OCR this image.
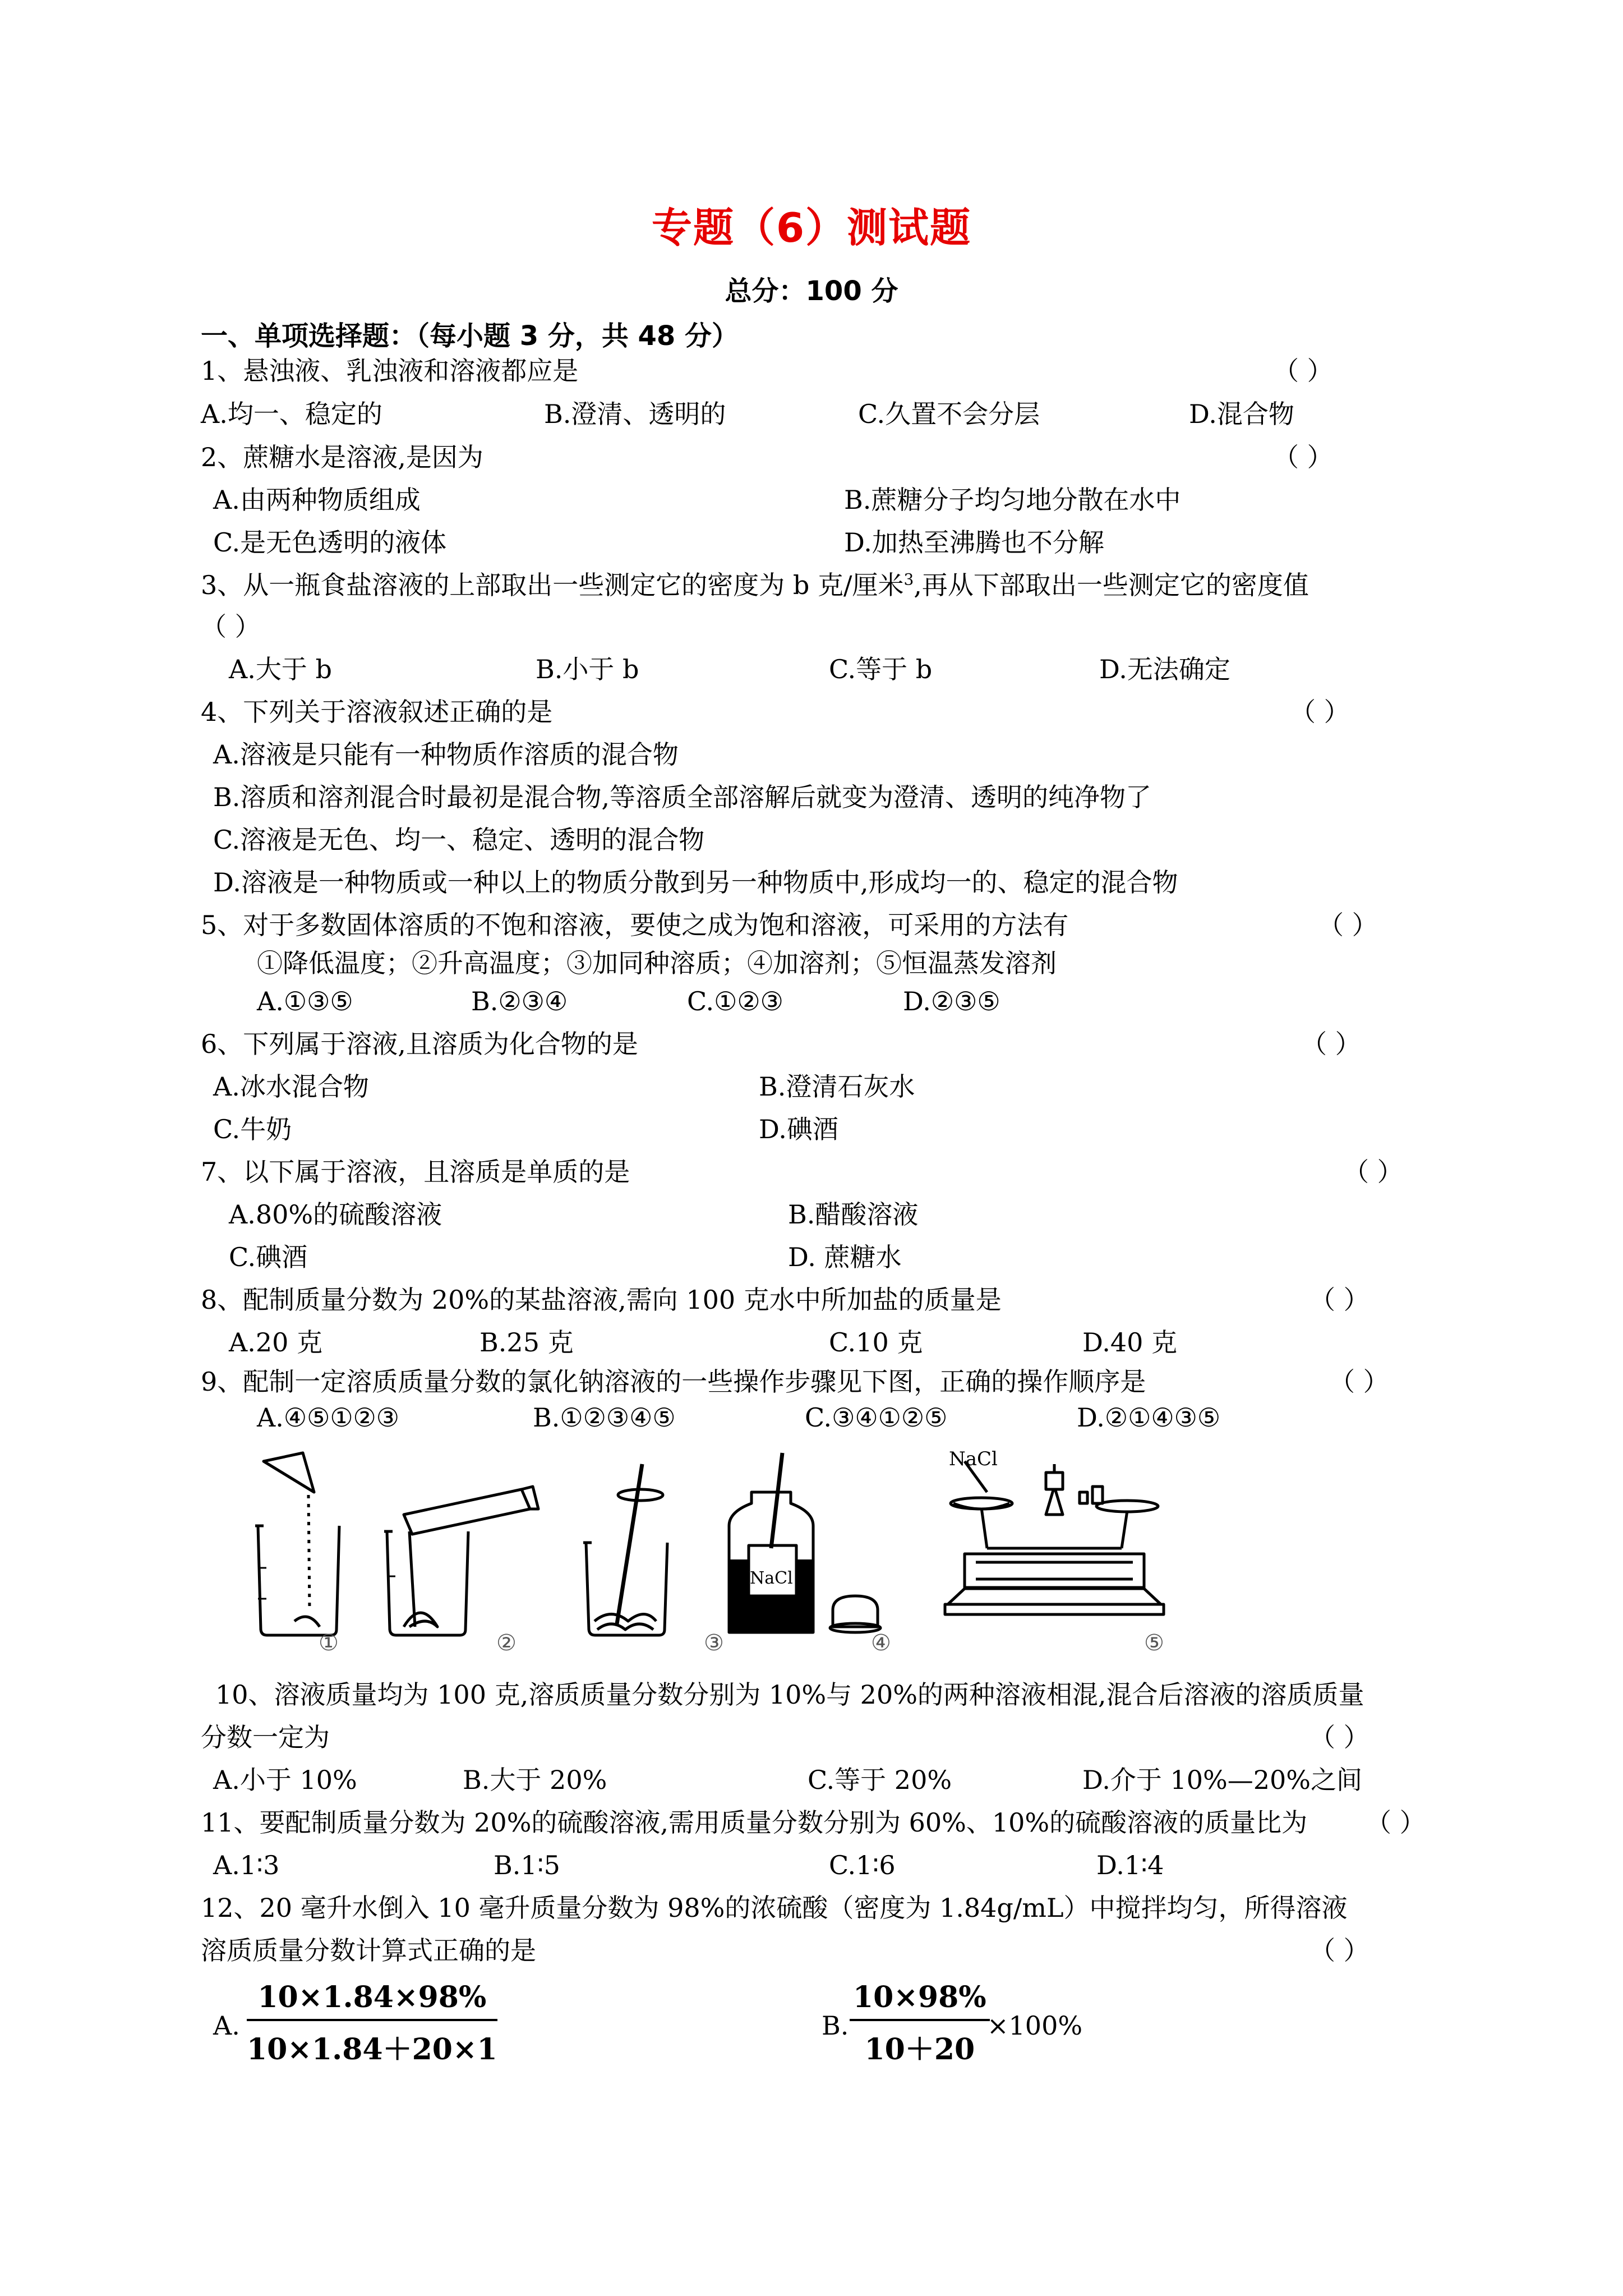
专题（6）测试题
总分：100 分
一、单项选择题：（每小题 3 分，共 48 分）
1、悬浊液、乳浊液和溶液都应是	（ ）
A.均一、稳定的	B.澄清、透明的	C.久置不会分层	D.混合物
2、蔗糖水是溶液,是因为	（ ）
A.由两种物质组成	B.蔗糖分子均匀地分散在水中
C.是无色透明的液体	D.加热至沸腾也不分解
3、从一瓶食盐溶液的上部取出一些测定它的密度为 b 克/厘米$^3$,再从下部取出一些测定它的密度值
（ ）
A.大于 b	B.小于 b	C.等于 b	D.无法确定
4、下列关于溶液叙述正确的是	（ ）
A.溶液是只能有一种物质作溶质的混合物
B.溶质和溶剂混合时最初是混合物,等溶质全部溶解后就变为澄清、透明的纯净物了
C.溶液是无色、均一、稳定、透明的混合物
D.溶液是一种物质或一种以上的物质分散到另一种物质中,形成均一的、稳定的混合物
5、对于多数固体溶质的不饱和溶液，要使之成为饱和溶液，可采用的方法有	（ ）
①降低温度；②升高温度；③加同种溶质；④加溶剂；⑤恒温蒸发溶剂
A.①③⑤	B.②③④	C.①②③	D.②③⑤
6、下列属于溶液,且溶质为化合物的是	（ ）
A.冰水混合物	B.澄清石灰水
C.牛奶	D.碘酒
7、以下属于溶液，且溶质是单质的是	（ ）
A.80%的硫酸溶液	B.醋酸溶液
C.碘酒	D. 蔗糖水
8、配制质量分数为 20%的某盐溶液,需向 100 克水中所加盐的质量是	（ ）
A.20 克	B.25 克	C.10 克	D.40 克
9、配制一定溶质质量分数的氯化钠溶液的一些操作步骤见下图，正确的操作顺序是	（ ）
A.④⑤①②③	B.①②③④⑤	C.③④①②⑤	D.②①④③⑤
NaCl
NaCl
①	②	③	④	⑤
10、溶液质量均为 100 克,溶质质量分数分别为 10%与 20%的两种溶液相混,混合后溶液的溶质质量
分数一定为	（ ）
A.小于 10%	B.大于 20%	C.等于 20%	D.介于 10%—20%之间
11、要配制质量分数为 20%的硫酸溶液,需用质量分数分别为 60%、10%的硫酸溶液的质量比为 （ ）
A.1∶3	B.1∶5	C.1∶6	D.1∶4
12、20 毫升水倒入 10 毫升质量分数为 98%的浓硫酸（密度为 1.84g/mL）中搅拌均匀，所得溶液
溶质质量分数计算式正确的是	（ ）
A. $\frac{10\times 1.84\times 98\%}{10\times 1.84+20\times 1}$	B. $\frac{10\times 98\%}{10+20}$
×100%
